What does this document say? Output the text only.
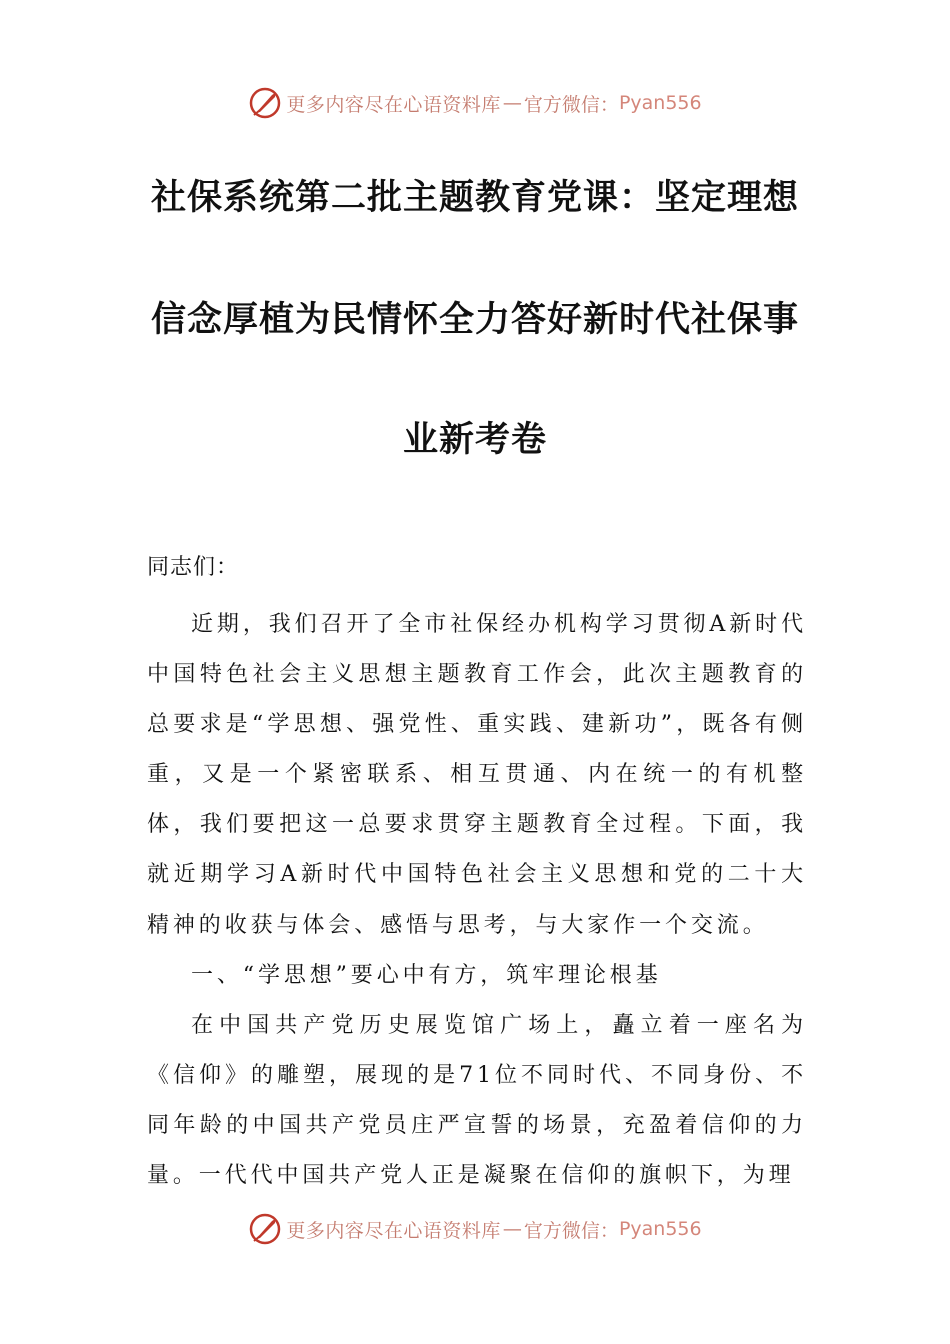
更多内容尽在心语资料库 — 官方微信： Pyan556
社保系统第二批主题教育党课：坚定理想
信念厚植为民情怀全力答好新时代社保事
业新考卷
同志们：

近期，我们召开了全市社保经办机构学习贯彻A新时代中国特色社会主义思想主题教育工作会，此次主题教育的总要求是“学思想、强党性、重实践、建新功”，既各有侧重，又是一个紧密联系、相互贯通、内在统一的有机整体，我们要把这一总要求贯穿主题教育全过程。下面，我就近期学习A新时代中国特色社会主义思想和党的二十大精神的收获与体会、感悟与思考，与大家作一个交流。

一、“学思想”要心中有方，筑牢理论根基

在中国共产党历史展览馆广场上，矗立着一座名为《信仰》的雕塑，展现的是71位不同时代、不同身份、不同年龄的中国共产党员庄严宣誓的场景，充盈着信仰的力量。一代代中国共产党人正是凝聚在信仰的旗帜下，为理

更多内容尽在心语资料库 — 官方微信： Pyan556
